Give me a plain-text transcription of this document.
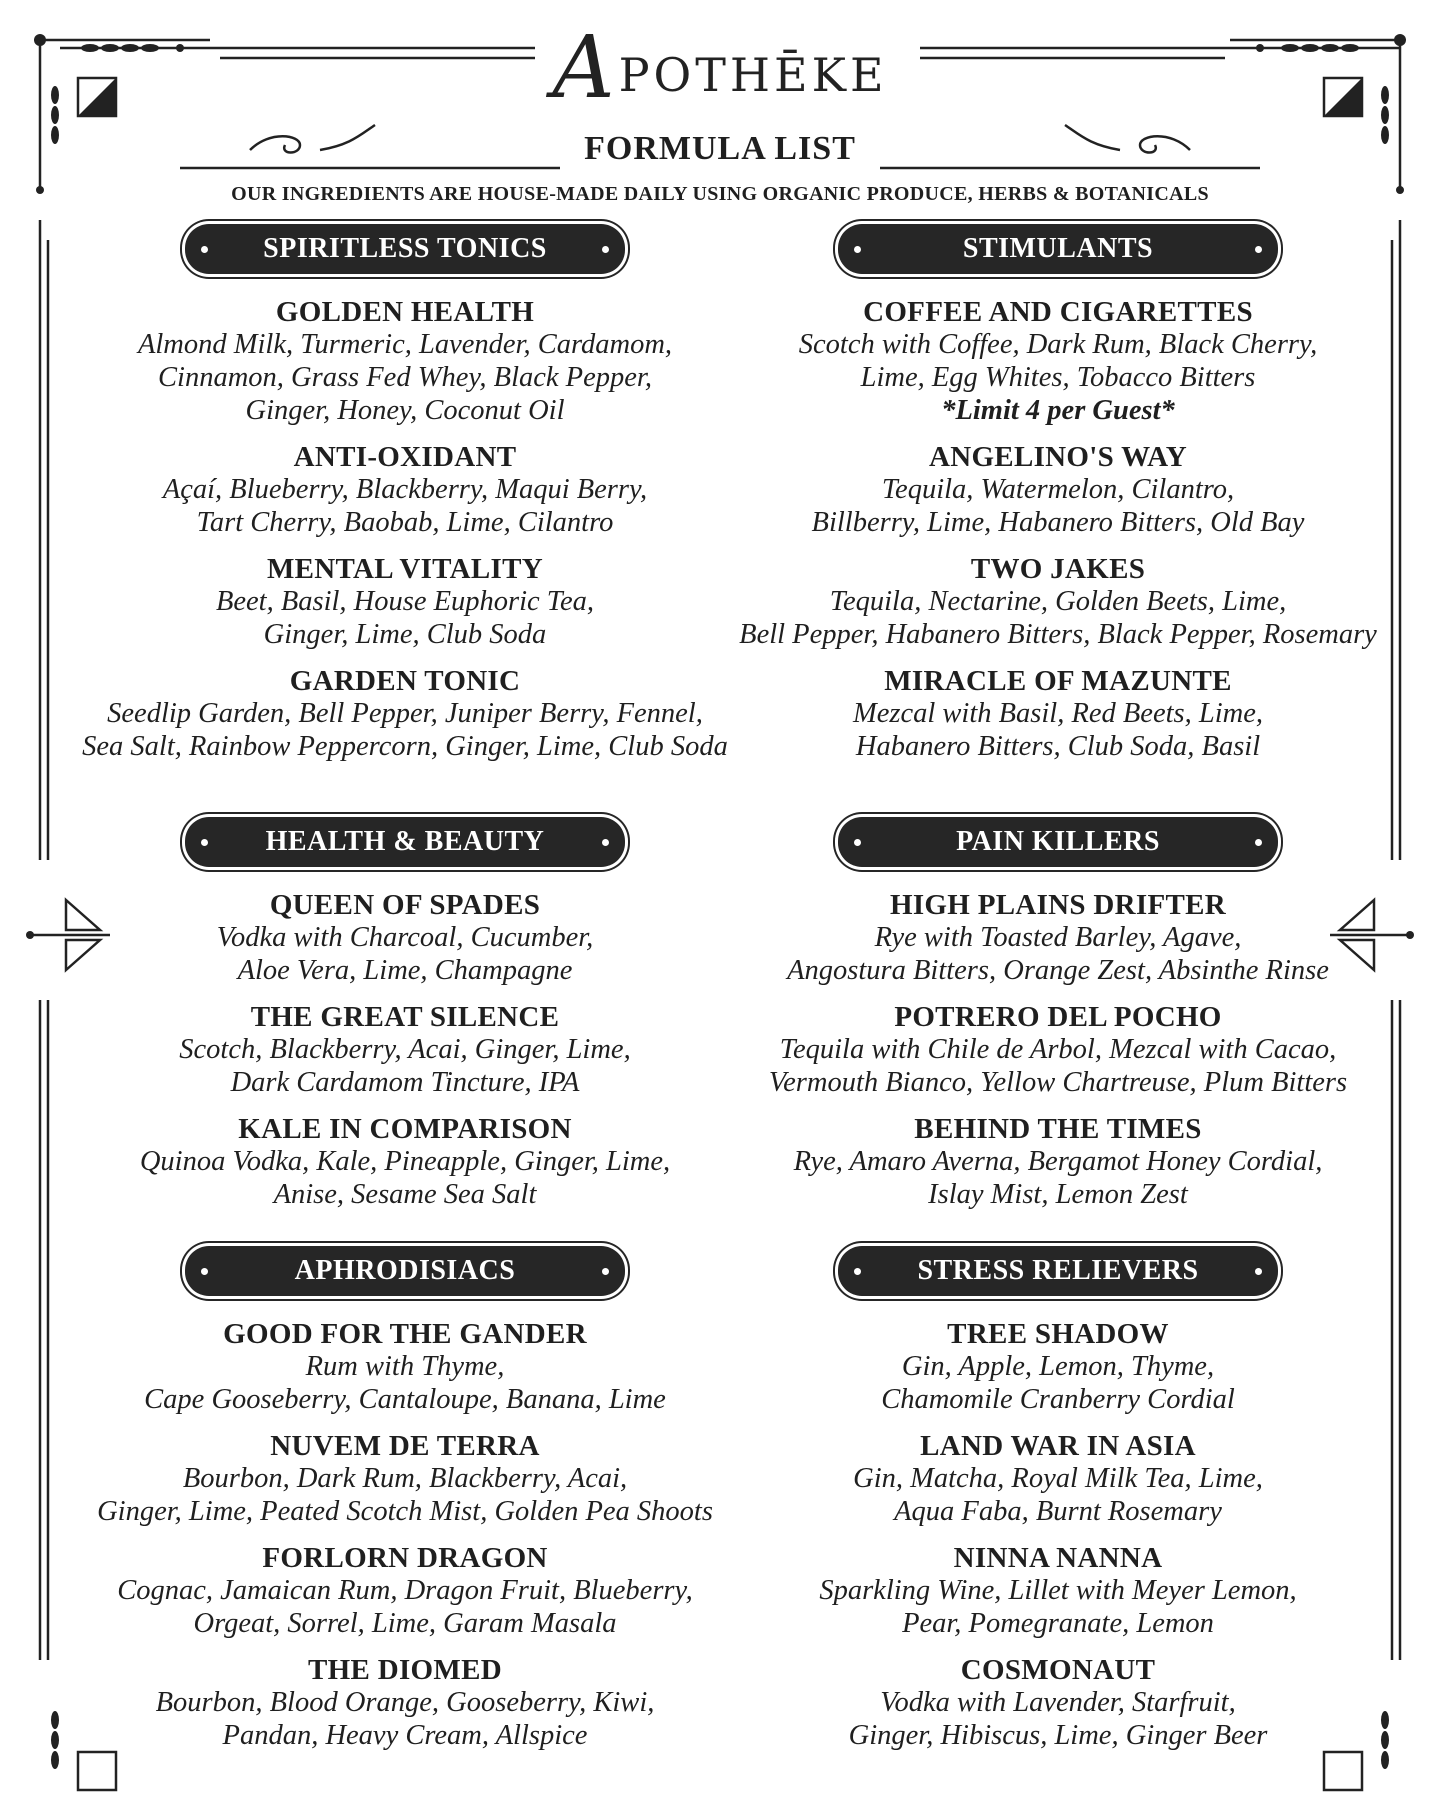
APOTHĒKE
FORMULA LIST
OUR INGREDIENTS ARE HOUSE-MADE DAILY USING ORGANIC PRODUCE, HERBS & BOTANICALS
SPIRITLESS TONICS
GOLDEN HEALTH
Almond Milk, Turmeric, Lavender, Cardamom,
Cinnamon, Grass Fed Whey, Black Pepper,
Ginger, Honey, Coconut Oil
ANTI-OXIDANT
Açaí, Blueberry, Blackberry, Maqui Berry,
Tart Cherry, Baobab, Lime, Cilantro
MENTAL VITALITY
Beet, Basil, House Euphoric Tea,
Ginger, Lime, Club Soda
GARDEN TONIC
Seedlip Garden, Bell Pepper, Juniper Berry, Fennel,
Sea Salt, Rainbow Peppercorn, Ginger, Lime, Club Soda
HEALTH & BEAUTY
QUEEN OF SPADES
Vodka with Charcoal, Cucumber,
Aloe Vera, Lime, Champagne
THE GREAT SILENCE
Scotch, Blackberry, Acai, Ginger, Lime,
Dark Cardamom Tincture, IPA
KALE IN COMPARISON
Quinoa Vodka, Kale, Pineapple, Ginger, Lime,
Anise, Sesame Sea Salt
APHRODISIACS
GOOD FOR THE GANDER
Rum with Thyme,
Cape Gooseberry, Cantaloupe, Banana, Lime
NUVEM DE TERRA
Bourbon, Dark Rum, Blackberry, Acai,
Ginger, Lime, Peated Scotch Mist, Golden Pea Shoots
FORLORN DRAGON
Cognac, Jamaican Rum, Dragon Fruit, Blueberry,
Orgeat, Sorrel, Lime, Garam Masala
THE DIOMED
Bourbon, Blood Orange, Gooseberry, Kiwi,
Pandan, Heavy Cream, Allspice
STIMULANTS
COFFEE AND CIGARETTES
Scotch with Coffee, Dark Rum, Black Cherry,
Lime, Egg Whites, Tobacco Bitters
*Limit 4 per Guest*
ANGELINO'S WAY
Tequila, Watermelon, Cilantro,
Billberry, Lime, Habanero Bitters, Old Bay
TWO JAKES
Tequila, Nectarine, Golden Beets, Lime,
Bell Pepper, Habanero Bitters, Black Pepper, Rosemary
MIRACLE OF MAZUNTE
Mezcal with Basil, Red Beets, Lime,
Habanero Bitters, Club Soda, Basil
PAIN KILLERS
HIGH PLAINS DRIFTER
Rye with Toasted Barley, Agave,
Angostura Bitters, Orange Zest, Absinthe Rinse
POTRERO DEL POCHO
Tequila with Chile de Arbol, Mezcal with Cacao,
Vermouth Bianco, Yellow Chartreuse, Plum Bitters
BEHIND THE TIMES
Rye, Amaro Averna, Bergamot Honey Cordial,
Islay Mist, Lemon Zest
STRESS RELIEVERS
TREE SHADOW
Gin, Apple, Lemon, Thyme,
Chamomile Cranberry Cordial
LAND WAR IN ASIA
Gin, Matcha, Royal Milk Tea, Lime,
Aqua Faba, Burnt Rosemary
NINNA NANNA
Sparkling Wine, Lillet with Meyer Lemon,
Pear, Pomegranate, Lemon
COSMONAUT
Vodka with Lavender, Starfruit,
Ginger, Hibiscus, Lime, Ginger Beer
